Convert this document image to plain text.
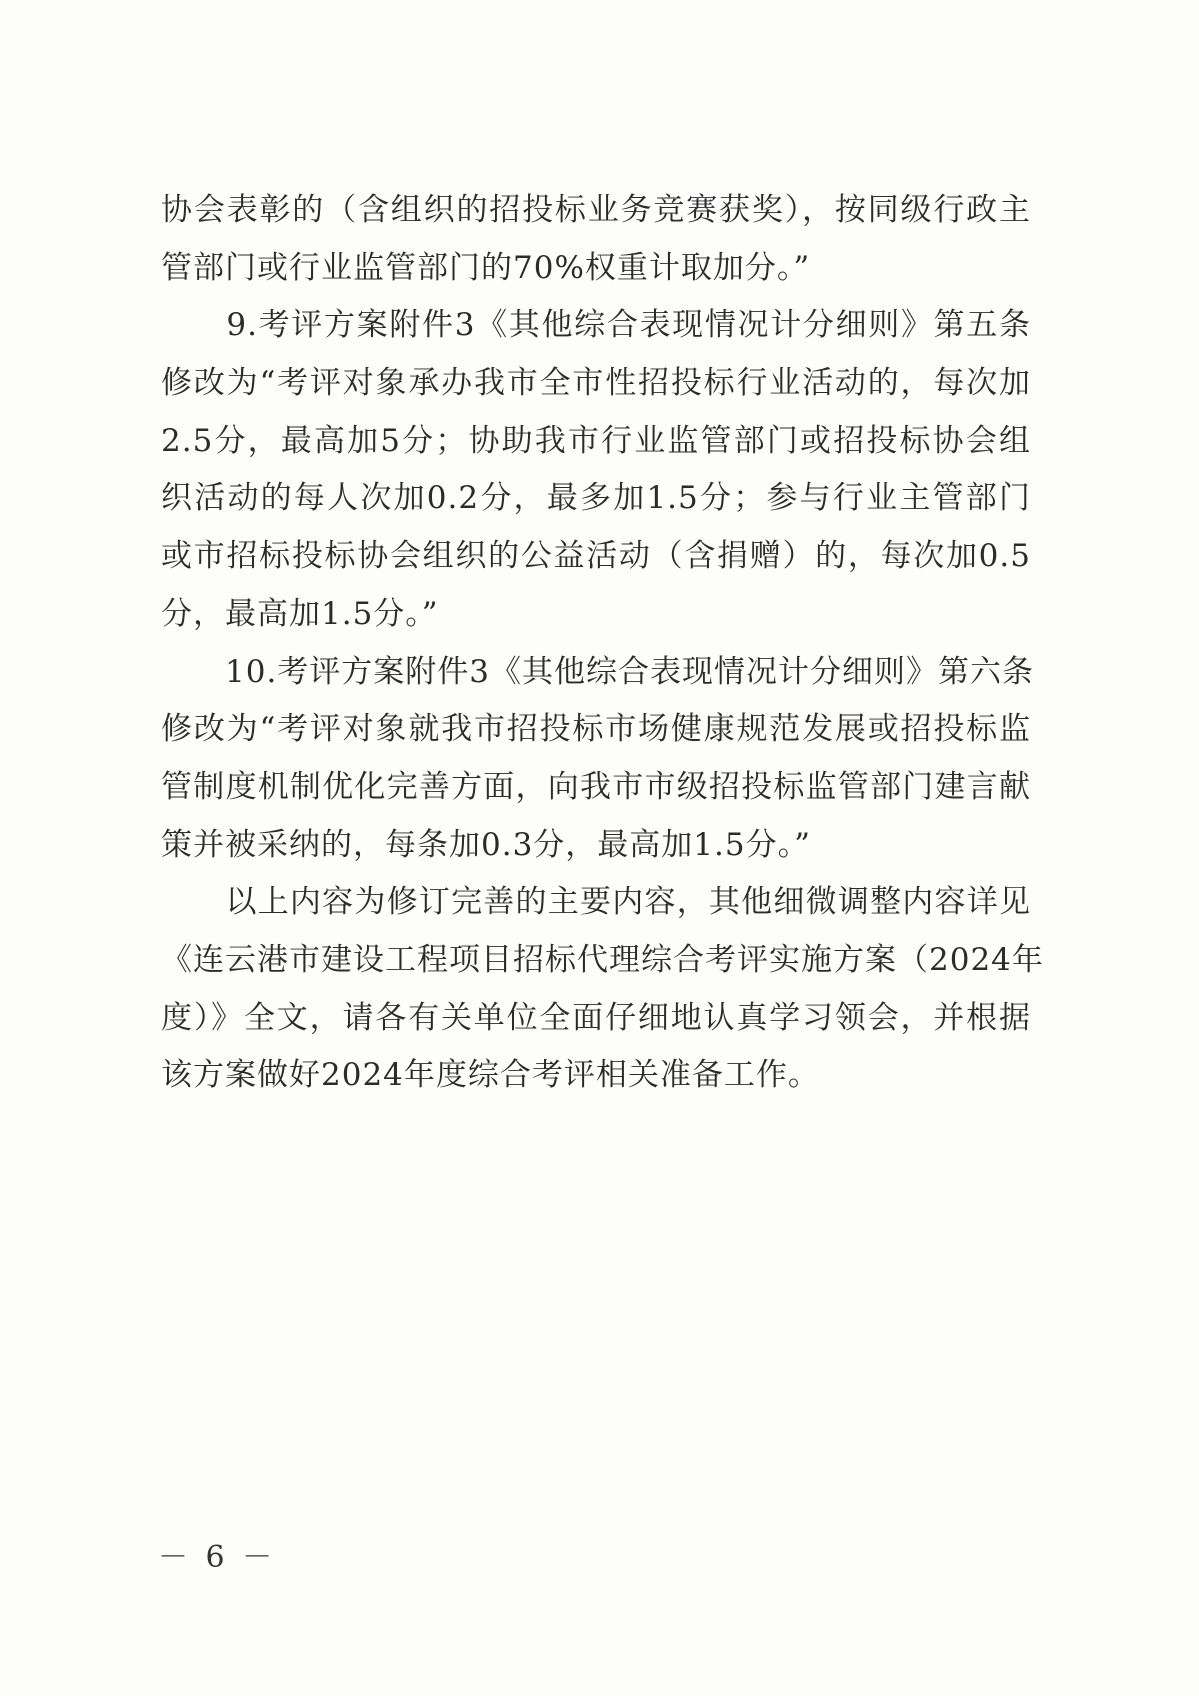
协会表彰的（含组织的招投标业务竞赛获奖），按同级行政主
管部门或行业监管部门的70%权重计取加分。”
　　9.考评方案附件3《其他综合表现情况计分细则》第五条
修改为“考评对象承办我市全市性招投标行业活动的，每次加
2.5分，最高加5分；协助我市行业监管部门或招投标协会组
织活动的每人次加0.2分，最多加1.5分；参与行业主管部门
或市招标投标协会组织的公益活动（含捐赠）的，每次加0.5
分，最高加1.5分。”
　　10.考评方案附件3《其他综合表现情况计分细则》第六条
修改为“考评对象就我市招投标市场健康规范发展或招投标监
管制度机制优化完善方面，向我市市级招投标监管部门建言献
策并被采纳的，每条加0.3分，最高加1.5分。”
　　以上内容为修订完善的主要内容，其他细微调整内容详见
《连云港市建设工程项目招标代理综合考评实施方案（2024年
度）》全文，请各有关单位全面仔细地认真学习领会，并根据
该方案做好2024年度综合考评相关准备工作。
－ 6 －
